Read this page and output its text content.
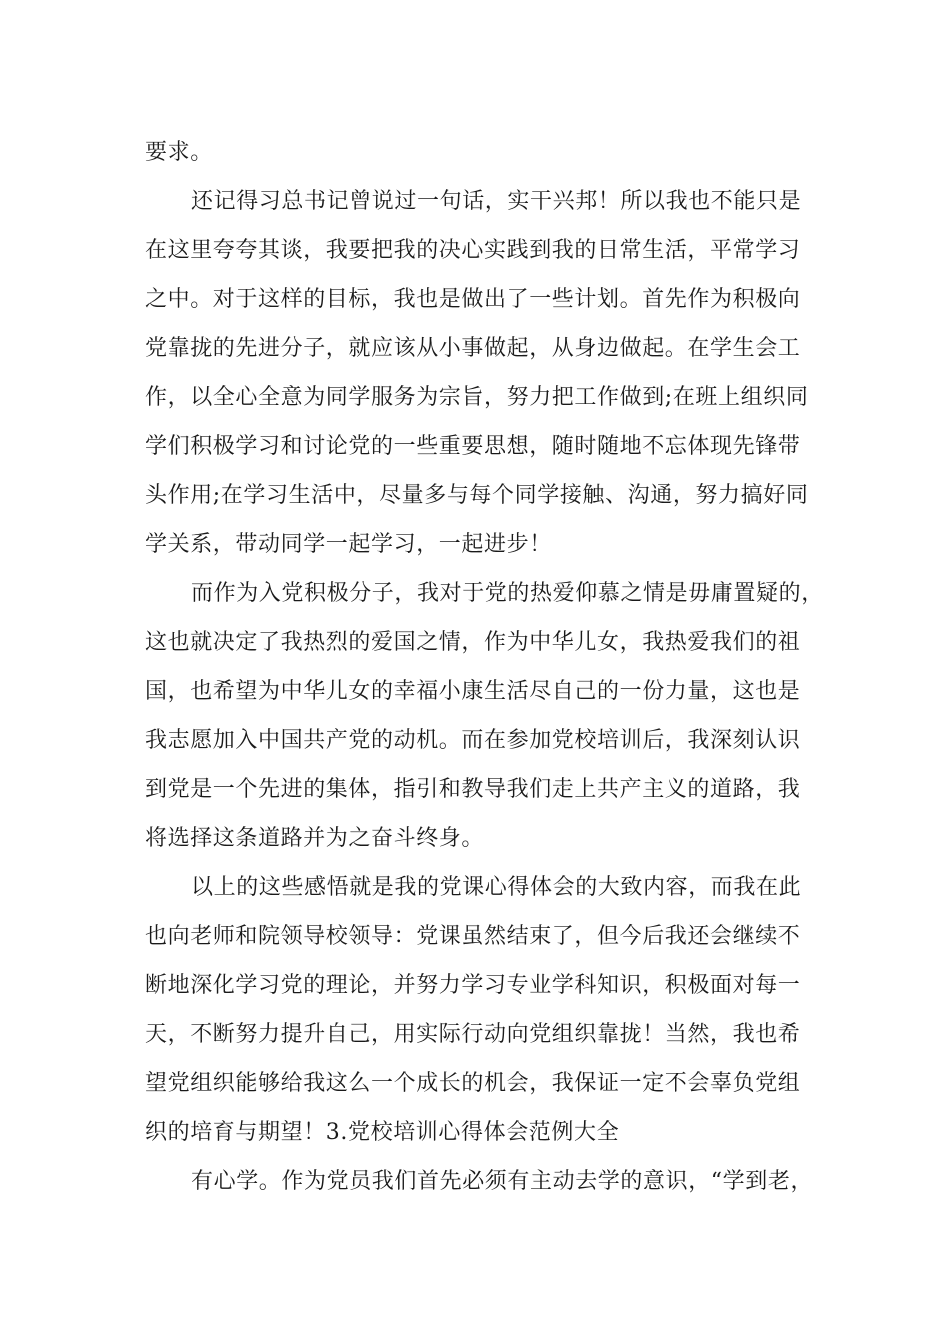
要求。
还记得习总书记曾说过一句话，实干兴邦！所以我也不能只是
在这里夸夸其谈，我要把我的决心实践到我的日常生活，平常学习
之中。对于这样的目标，我也是做出了一些计划。首先作为积极向
党靠拢的先进分子，就应该从小事做起，从身边做起。在学生会工
作，以全心全意为同学服务为宗旨，努力把工作做到;在班上组织同
学们积极学习和讨论党的一些重要思想，随时随地不忘体现先锋带
头作用;在学习生活中，尽量多与每个同学接触、沟通，努力搞好同
学关系，带动同学一起学习，一起进步！
而作为入党积极分子，我对于党的热爱仰慕之情是毋庸置疑的，
这也就决定了我热烈的爱国之情，作为中华儿女，我热爱我们的祖
国，也希望为中华儿女的幸福小康生活尽自己的一份力量，这也是
我志愿加入中国共产党的动机。而在参加党校培训后，我深刻认识
到党是一个先进的集体，指引和教导我们走上共产主义的道路，我
将选择这条道路并为之奋斗终身。
以上的这些感悟就是我的党课心得体会的大致内容，而我在此
也向老师和院领导校领导：党课虽然结束了，但今后我还会继续不
断地深化学习党的理论，并努力学习专业学科知识，积极面对每一
天，不断努力提升自己，用实际行动向党组织靠拢！当然，我也希
望党组织能够给我这么一个成长的机会，我保证一定不会辜负党组
织的培育与期望！3.党校培训心得体会范例大全
有心学。作为党员我们首先必须有主动去学的意识，“学到老，
